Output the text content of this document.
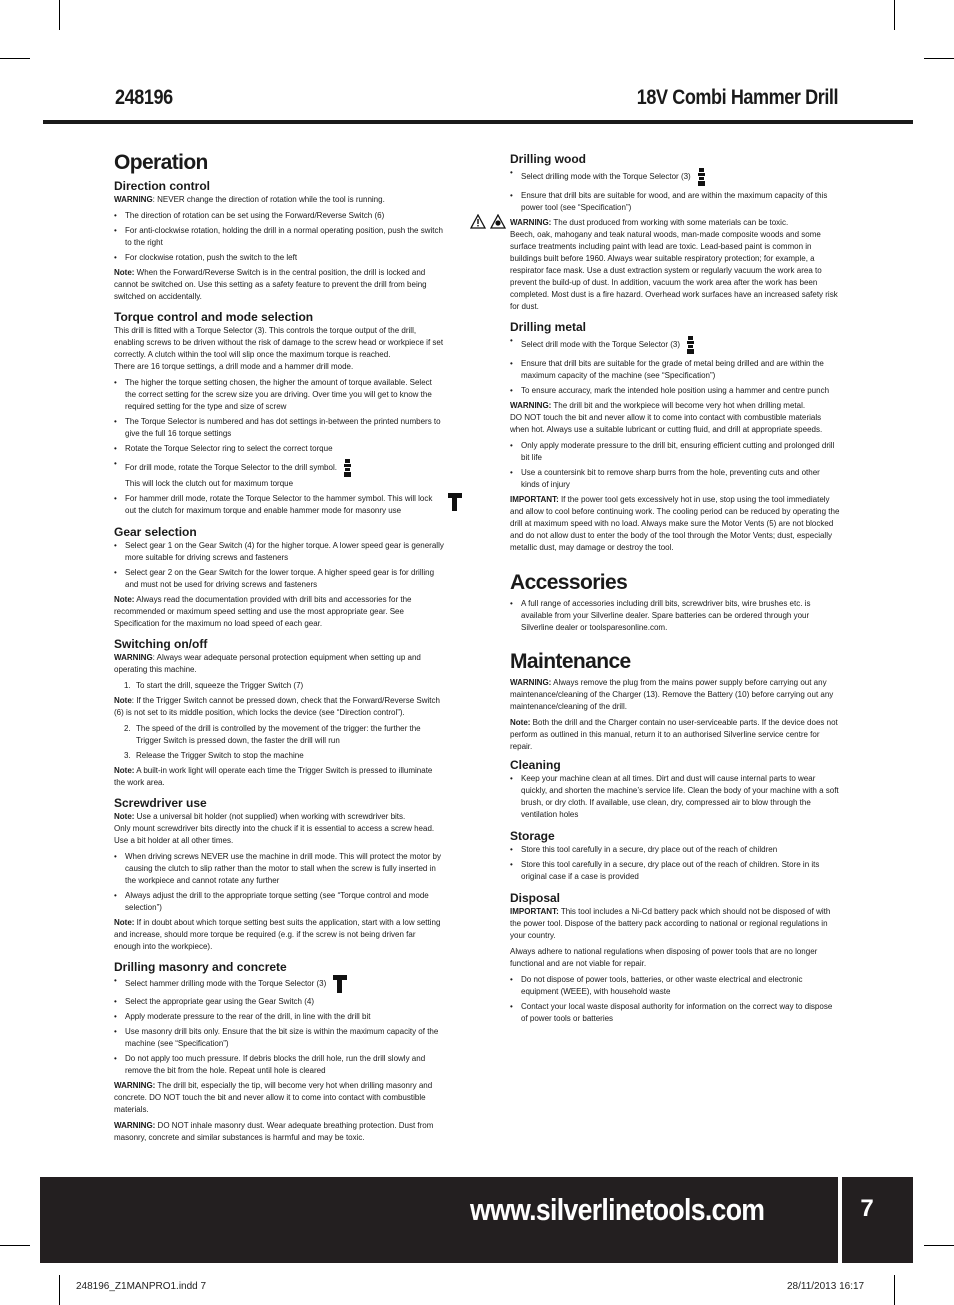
248196	18V Combi Hammer Drill
Operation
Direction control

WARNING: NEVER change the direction of rotation while the tool is running.

• The direction of rotation can be set using the Forward/Reverse Switch (6)
• For anti-clockwise rotation, holding the drill in a normal operating position, push the switch to the right
• For clockwise rotation, push the switch to the left

Note: When the Forward/Reverse Switch is in the central position, the drill is locked and cannot be switched on. Use this setting as a safety feature to prevent the drill from being switched on accidentally.

Torque control and mode selection

This drill is fitted with a Torque Selector (3). This controls the torque output of the drill, enabling screws to be driven without the risk of damage to the screw head or workpiece if set correctly. A clutch within the tool will slip once the maximum torque is reached.

There are 16 torque settings, a drill mode and a hammer drill mode.

• The higher the torque setting chosen, the higher the amount of torque available. Select the correct setting for the screw size you are driving. Over time you will get to know the required setting for the type and size of screw
• The Torque Selector is numbered and has dot settings in-between the printed numbers to give the full 16 torque settings
• Rotate the Torque Selector ring to select the correct torque
• For drill mode, rotate the Torque Selector to the drill symbol.
This will lock the clutch out for maximum torque
• For hammer drill mode, rotate the Torque Selector to the hammer symbol. This will lock out the clutch for maximum torque and enable hammer mode for masonry use
Gear selection
• Select gear 1 on the Gear Switch (4) for the higher torque. A lower speed gear is generally more suitable for driving screws and fasteners
• Select gear 2 on the Gear Switch for the lower torque. A higher speed gear is for drilling and must not be used for driving screws and fasteners

Note: Always read the documentation provided with drill bits and accessories for the recommended or maximum speed setting and use the most appropriate gear. See Specification for the maximum no load speed of each gear.

Switching on/off

WARNING: Always wear adequate personal protection equipment when setting up and operating this machine.

1. To start the drill, squeeze the Trigger Switch (7)

Note: If the Trigger Switch cannot be pressed down, check that the Forward/Reverse Switch (6) is not set to its middle position, which locks the device (see “Direction control”).

2. The speed of the drill is controlled by the movement of the trigger: the further the Trigger Switch is pressed down, the faster the drill will run
3. Release the Trigger Switch to stop the machine

Note: A built-in work light will operate each time the Trigger Switch is pressed to illuminate the work area.

Screwdriver use

Note: Use a universal bit holder (not supplied) when working with screwdriver bits.

Only mount screwdriver bits directly into the chuck if it is essential to access a screw head. Use a bit holder at all other times.

• When driving screws NEVER use the machine in drill mode. This will protect the motor by causing the clutch to slip rather than the motor to stall when the screw is fully inserted in the workpiece and cannot rotate any further
• Always adjust the drill to the appropriate torque setting (see “Torque control and mode selection”)

Note: If in doubt about which torque setting best suits the application, start with a low setting and increase, should more torque be required (e.g. if the screw is not being driven far enough into the workpiece).

Drilling masonry and concrete
• Select hammer drilling mode with the Torque Selector (3)
• Select the appropriate gear using the Gear Switch (4)
• Apply moderate pressure to the rear of the drill, in line with the drill bit
• Use masonry drill bits only. Ensure that the bit size is within the maximum capacity of the machine (see “Specification”)
• Do not apply too much pressure. If debris blocks the drill hole, run the drill slowly and remove the bit from the hole. Repeat until hole is cleared

WARNING: The drill bit, especially the tip, will become very hot when drilling masonry and concrete. DO NOT touch the bit and never allow it to come into contact with combustible materials.

WARNING: DO NOT inhale masonry dust. Wear adequate breathing protection. Dust from masonry, concrete and similar substances is harmful and may be toxic.

Drilling wood
• Select drilling mode with the Torque Selector (3)
• Ensure that drill bits are suitable for wood, and are within the maximum capacity of this power tool (see “Specification”)

WARNING: The dust produced from working with some materials can be toxic.

Beech, oak, mahogany and teak natural woods, man-made composite woods and some surface treatments including paint with lead are toxic. Lead-based paint is common in buildings built before 1960. Always wear suitable respiratory protection; for example, a respirator face mask. Use a dust extraction system or regularly vacuum the work area to prevent the build-up of dust. In addition, vacuum the work area after the work has been completed. Most dust is a fire hazard. Overhead work surfaces have an increased safety risk for dust.

Drilling metal
• Select drill mode with the Torque Selector (3)
• Ensure that drill bits are suitable for the grade of metal being drilled and are within the maximum capacity of the machine (see “Specification”)
• To ensure accuracy, mark the intended hole position using a hammer and centre punch

WARNING: The drill bit and the workpiece will become very hot when drilling metal.

DO NOT touch the bit and never allow it to come into contact with combustible materials when hot. Always use a suitable lubricant or cutting fluid, and drill at appropriate speeds.

• Only apply moderate pressure to the drill bit, ensuring efficient cutting and prolonged drill bit life
• Use a countersink bit to remove sharp burrs from the hole, preventing cuts and other kinds of injury

IMPORTANT: If the power tool gets excessively hot in use, stop using the tool immediately and allow to cool before continuing work. The cooling period can be reduced by operating the drill at maximum speed with no load. Always make sure the Motor Vents (5) are not blocked and do not allow dust to enter the body of the tool through the Motor Vents; dust, especially metallic dust, may damage or destroy the tool.

Accessories
• A full range of accessories including drill bits, screwdriver bits, wire brushes etc. is available from your Silverline dealer. Spare batteries can be ordered through your Silverline dealer or toolsparesonline.com.
Maintenance

WARNING: Always remove the plug from the mains power supply before carrying out any maintenance/cleaning of the Charger (13). Remove the Battery (10) before carrying out any maintenance/cleaning of the drill.

Note: Both the drill and the Charger contain no user-serviceable parts. If the device does not perform as outlined in this manual, return it to an authorised Silverline service centre for repair.

Cleaning
• Keep your machine clean at all times. Dirt and dust will cause internal parts to wear quickly, and shorten the machine’s service life. Clean the body of your machine with a soft brush, or dry cloth. If available, use clean, dry, compressed air to blow through the ventilation holes
Storage
• Store this tool carefully in a secure, dry place out of the reach of children
• Store this tool carefully in a secure, dry place out of the reach of children. Store in its original case if a case is provided
Disposal

IMPORTANT: This tool includes a Ni-Cd battery pack which should not be disposed of with the power tool. Dispose of the battery pack according to national or regional regulations in your country.

Always adhere to national regulations when disposing of power tools that are no longer functional and are not viable for repair.

• Do not dispose of power tools, batteries, or other waste electrical and electronic equipment (WEEE), with household waste
• Contact your local waste disposal authority for information on the correct way to dispose of power tools or batteries
www.silverlinetools.com	7
248196_Z1MANPRO1.indd 7	28/11/2013 16:17
